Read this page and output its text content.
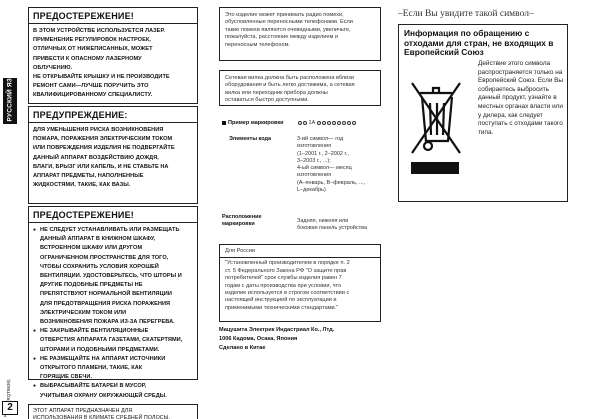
РУССКИЙ ЯЗЫК
(RQT8636)
2
a
ПРЕДОСТЕРЕЖЕНИЕ!
В ЭТОМ УСТРОЙСТВЕ ИСПОЛЬЗУЕТСЯ ЛАЗЕР.
ПРИМЕНЕНИЕ РЕГУЛИРОВОК НАСТРОЕК,
ОТЛИЧНЫХ ОТ НИЖЕПИСАННЫХ, МОЖЕТ
ПРИВЕСТИ К ОПАСНОМУ ЛАЗЕРНОМУ
ОБЛУЧЕНИЮ.
НЕ ОТКРЫВАЙТЕ КРЫШКУ И НЕ ПРОИЗВОДИТЕ
РЕМОНТ САМИ—ЛУЧШЕ ПОРУЧИТЬ ЭТО
КВАЛИФИЦИРОВАННОМУ СПЕЦИАЛИСТУ.
ПРЕДУПРЕЖДЕНИЕ:
ДЛЯ УМЕНЬШЕНИЯ РИСКА ВОЗНИКНОВЕНИЯ
ПОЖАРА, ПОРАЖЕНИЯ ЭЛЕКТРИЧЕСКИМ ТОКОМ
ИЛИ ПОВРЕЖДЕНИЯ ИЗДЕЛИЯ НЕ ПОДВЕРГАЙТЕ
ДАННЫЙ АППАРАТ ВОЗДЕЙСТВИЮ ДОЖДЯ,
ВЛАГИ, БРЫЗГ ИЛИ КАПЕЛЬ, И НЕ СТАВЬТЕ НА
АППАРАТ ПРЕДМЕТЫ, НАПОЛНЕННЫЕ
ЖИДКОСТЯМИ, ТАКИЕ, КАК ВАЗЫ.
ПРЕДОСТЕРЕЖЕНИЕ!
● НЕ СЛЕДУЕТ УСТАНАВЛИВАТЬ ИЛИ РАЗМЕЩАТЬ
ДАННЫЙ АППАРАТ В КНИЖНОМ ШКАФУ,
ВСТРОЕННОМ ШКАФУ ИЛИ ДРУГОМ
ОГРАНИЧЕННОМ ПРОСТРАНСТВЕ ДЛЯ ТОГО,
ЧТОБЫ СОХРАНИТЬ УСЛОВИЯ ХОРОШЕЙ
ВЕНТИЛЯЦИИ. УДОСТОВЕРЬТЕСЬ, ЧТО ШТОРЫ И
ДРУГИЕ ПОДОБНЫЕ ПРЕДМЕТЫ НЕ
ПРЕПЯТСТВУЮТ НОРМАЛЬНОЙ ВЕНТИЛЯЦИИ
ДЛЯ ПРЕДОТВРАЩЕНИЯ РИСКА ПОРАЖЕНИЯ
ЭЛЕКТРИЧЕСКИМ ТОКОМ ИЛИ
ВОЗНИКНОВЕНИЯ ПОЖАРА ИЗ-ЗА ПЕРЕГРЕВА.
● НЕ ЗАКРЫВАЙТЕ ВЕНТИЛЯЦИОННЫЕ
ОТВЕРСТИЯ АППАРАТА ГАЗЕТАМИ, СКАТЕРТЯМИ,
ШТОРАМИ И ПОДОБНЫМИ ПРЕДМЕТАМИ.
● НЕ РАЗМЕЩАЙТЕ НА АППАРАТ ИСТОЧНИКИ
ОТКРЫТОГО ПЛАМЕНИ, ТАКИЕ, КАК
ГОРЯЩИЕ СВЕЧИ.
● ВЫБРАСЫВАЙТЕ БАТАРЕИ В МУСОР,
УЧИТЫВАЯ ОХРАНУ ОКРУЖАЮЩЕЙ СРЕДЫ.
ЭТОТ АППАРАТ ПРЕДНАЗНАЧЕН ДЛЯ
ИСПОЛЬЗОВАНИЯ В КЛИМАТЕ СРЕДНЕЙ ПОЛОСЫ.
Это изделие может принимать радио помехи,
обусловленные переносными телефонами. Если
такие помехи являются очевидными, увеличьте,
пожалуйста, расстояние между изделием и
переносным телефоном.
Сетевая вилка должна быть расположена вблизи
оборудования и быть легко достижима, а сетевая
вилка или переходник приборa должны
оставаться быстро доступными.
Пример маркировки	1A
Элементы кода	3-ий символ— год
изготовления
(1–2001 г., 2–2002 г.,
3–2003 г., ...);
4-ый символ— месяц
изготовления
(A–январь, B–февраль, ...,
L–декабрь)
Расположение маркировки
Задняя, нижняя или
боковая панель устройства
Для России
"Установленный производителем в порядке п. 2
ст. 5 Федерального Закона РФ "О защите прав
потребителей" срок службы изделия равен 7
годам с даты производства при условии, что
изделие используется в строгом соответствии с
настоящей инструкцией по эксплуатации и
применимыми техническими стандартами."
Мацушита Электрик Индастриал Ко., Лтд.
1006 Кадома, Осака, Япония
Сделано в Китае
–Если Вы увидите такой символ–
Информация по обращению с отходами для стран, не входящих в Европейский Союз
Действие этого символа распространяется только на Европейский Союз. Если Вы собираетесь выбросить данный продукт, узнайте в местных органах власти или у дилера, как следует поступать с отходами такого типа.
